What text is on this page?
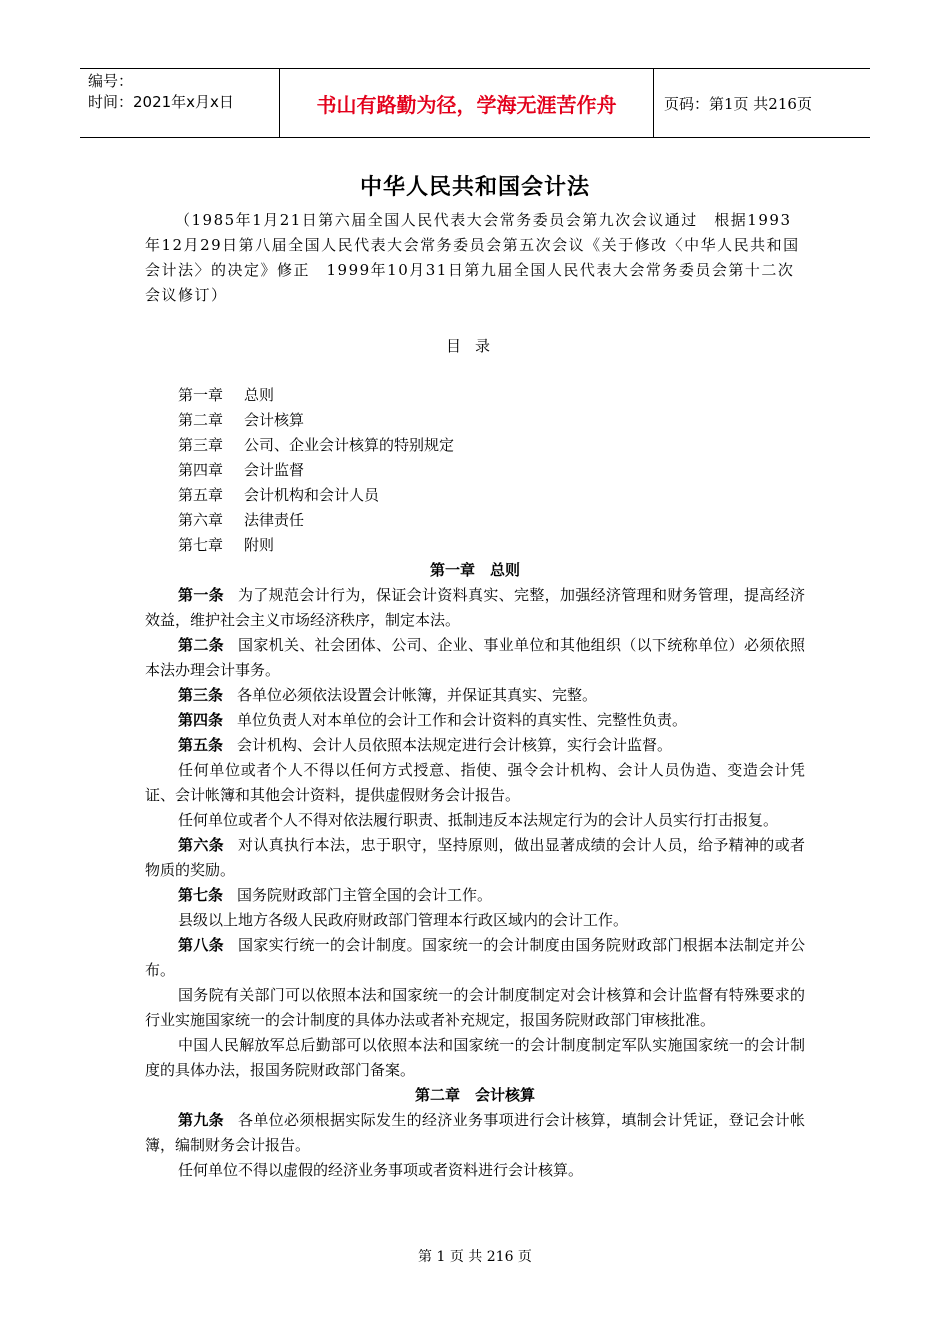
编号：
时间：2021年x月x日	书山有路勤为径，学海无涯苦作舟	页码：第1页 共216页
中华人民共和国会计法

（1985年1月21日第六届全国人民代表大会常务委员会第九次会议通过　根据1993年12月29日第八届全国人民代表大会常务委员会第五次会议《关于修改〈中华人民共和国会计法〉的决定》修正　1999年10月31日第九届全国人民代表大会常务委员会第十二次会议修订）

目录

第一章 总则

第二章 会计核算

第三章 公司、企业会计核算的特别规定

第四章 会计监督

第五章 会计机构和会计人员

第六章 法律责任

第七章 附则

第一章　总则

第一条 为了规范会计行为，保证会计资料真实、完整，加强经济管理和财务管理，提高经济效益，维护社会主义市场经济秩序，制定本法。

第二条 国家机关、社会团体、公司、企业、事业单位和其他组织（以下统称单位）必须依照本法办理会计事务。

第三条 各单位必须依法设置会计帐簿，并保证其真实、完整。

第四条 单位负责人对本单位的会计工作和会计资料的真实性、完整性负责。

第五条 会计机构、会计人员依照本法规定进行会计核算，实行会计监督。

任何单位或者个人不得以任何方式授意、指使、强令会计机构、会计人员伪造、变造会计凭证、会计帐簿和其他会计资料，提供虚假财务会计报告。

任何单位或者个人不得对依法履行职责、抵制违反本法规定行为的会计人员实行打击报复。

第六条 对认真执行本法，忠于职守，坚持原则，做出显著成绩的会计人员，给予精神的或者物质的奖励。

第七条 国务院财政部门主管全国的会计工作。

县级以上地方各级人民政府财政部门管理本行政区域内的会计工作。

第八条 国家实行统一的会计制度。国家统一的会计制度由国务院财政部门根据本法制定并公布。

国务院有关部门可以依照本法和国家统一的会计制度制定对会计核算和会计监督有特殊要求的行业实施国家统一的会计制度的具体办法或者补充规定，报国务院财政部门审核批准。

中国人民解放军总后勤部可以依照本法和国家统一的会计制度制定军队实施国家统一的会计制度的具体办法，报国务院财政部门备案。

第二章　会计核算

第九条 各单位必须根据实际发生的经济业务事项进行会计核算，填制会计凭证，登记会计帐簿，编制财务会计报告。

任何单位不得以虚假的经济业务事项或者资料进行会计核算。

第 1 页 共 216 页
